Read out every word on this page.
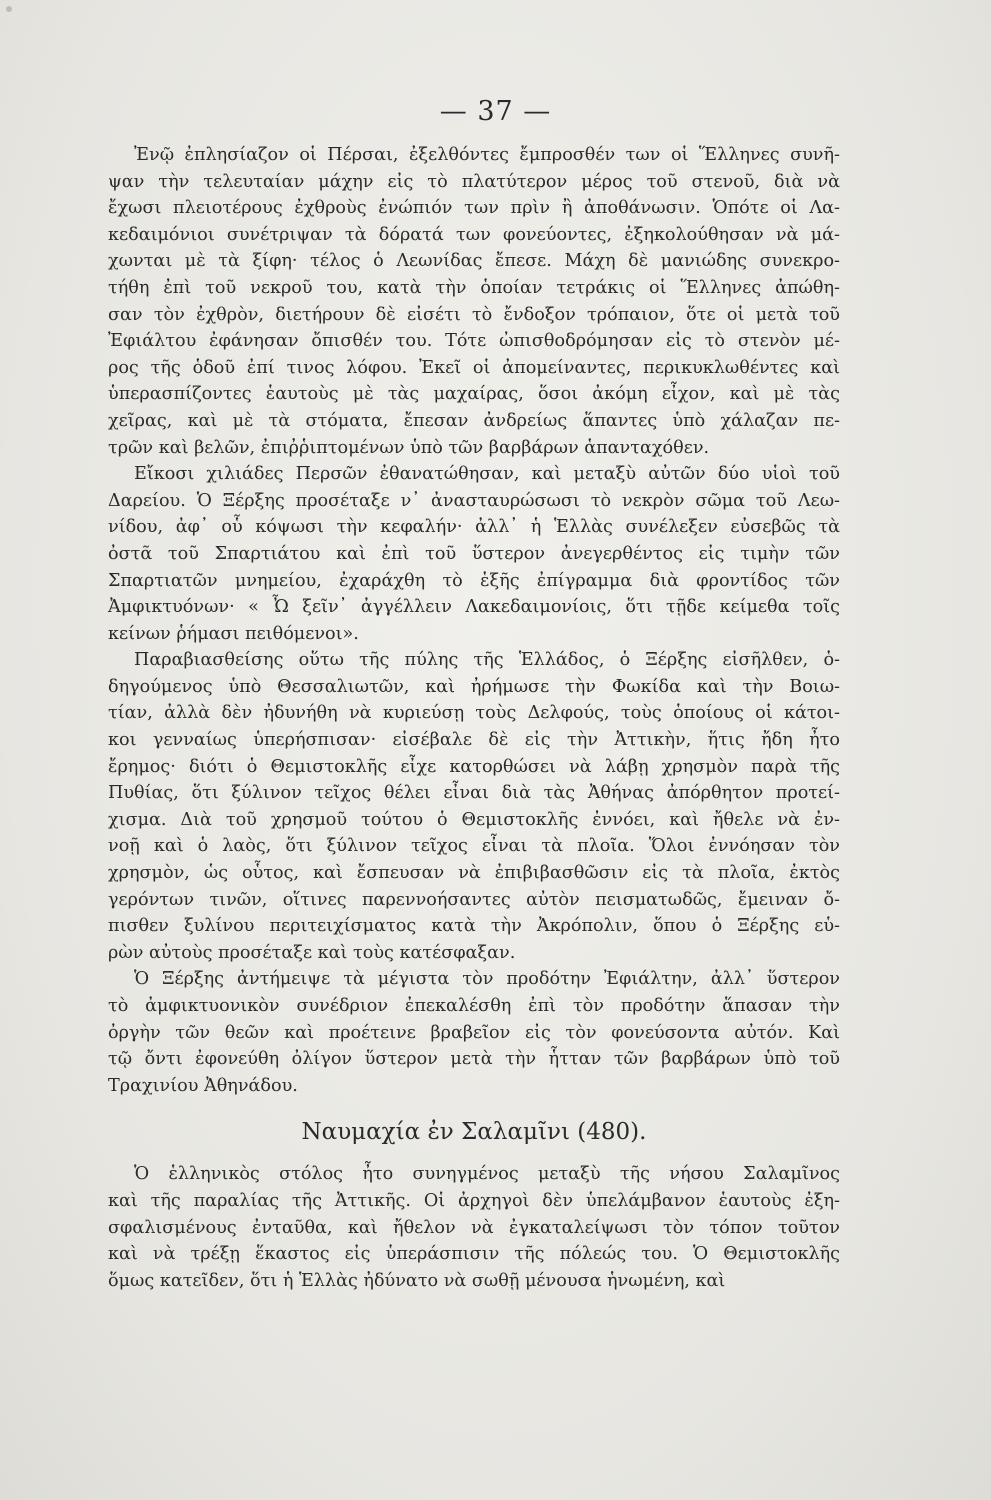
— 37 —
Ἐνῷ ἐπλησίαζον οἱ Πέρσαι, ἐξελθόντες ἔμπροσθέν των οἱ Ἕλληνες συνῆ-
ψαν τὴν τελευταίαν μάχην εἰς τὸ πλατύτερον μέρος τοῦ στενοῦ, διὰ νὰ
ἔχωσι πλειοτέρους ἐχθροὺς ἐνώπιόν των πρὶν ἢ ἀποθάνωσιν. Ὁπότε οἱ Λα-
κεδαιμόνιοι συνέτριψαν τὰ δόρατά των φονεύοντες, ἐξηκολούθησαν νὰ μά-
χωνται μὲ τὰ ξίφη· τέλος ὁ Λεωνίδας ἔπεσε. Μάχη δὲ μανιώδης συνεκρο-
τήθη ἐπὶ τοῦ νεκροῦ του, κατὰ τὴν ὁποίαν τετράκις οἱ Ἕλληνες ἀπώθη-
σαν τὸν ἐχθρὸν, διετήρουν δὲ εἰσέτι τὸ ἔνδοξον τρόπαιον, ὅτε οἱ μετὰ τοῦ
Ἐφιάλτου ἐφάνησαν ὄπισθέν του. Τότε ὠπισθοδρόμησαν εἰς τὸ στενὸν μέ-
ρος τῆς ὁδοῦ ἐπί τινος λόφου. Ἐκεῖ οἱ ἀπομείναντες, περικυκλωθέντες καὶ
ὑπερασπίζοντες ἑαυτοὺς μὲ τὰς μαχαίρας, ὅσοι ἀκόμη εἶχον, καὶ μὲ τὰς
χεῖρας, καὶ μὲ τὰ στόματα, ἔπεσαν ἀνδρείως ἅπαντες ὑπὸ χάλαζαν πε-
τρῶν καὶ βελῶν, ἐπιῤῥιπτομένων ὑπὸ τῶν βαρβάρων ἁπανταχόθεν.
Εἴκοσι χιλιάδες Περσῶν ἐθανατώθησαν, καὶ μεταξὺ αὐτῶν δύο υἱοὶ τοῦ
Δαρείου. Ὁ Ξέρξης προσέταξε ν᾽ ἀνασταυρώσωσι τὸ νεκρὸν σῶμα τοῦ Λεω-
νίδου, ἀφ᾽ οὗ κόψωσι τὴν κεφαλήν· ἀλλ᾽ ἡ Ἑλλὰς συνέλεξεν εὐσεβῶς τὰ
ὀστᾶ τοῦ Σπαρτιάτου καὶ ἐπὶ τοῦ ὕστερον ἀνεγερθέντος εἰς τιμὴν τῶν
Σπαρτιατῶν μνημείου, ἐχαράχθη τὸ ἑξῆς ἐπίγραμμα διὰ φροντίδος τῶν
Ἀμφικτυόνων· « Ὦ ξεῖν᾽ ἀγγέλλειν Λακεδαιμονίοις, ὅτι τῇδε κείμεθα τοῖς
κείνων ῥήμασι πειθόμενοι».
Παραβιασθείσης οὕτω τῆς πύλης τῆς Ἑλλάδος, ὁ Ξέρξης εἰσῆλθεν, ὁ-
δηγούμενος ὑπὸ Θεσσαλιωτῶν, καὶ ἠρήμωσε τὴν Φωκίδα καὶ τὴν Βοιω-
τίαν, ἀλλὰ δὲν ἠδυνήθη νὰ κυριεύσῃ τοὺς Δελφούς, τοὺς ὁποίους οἱ κάτοι-
κοι γενναίως ὑπερήσπισαν· εἰσέβαλε δὲ εἰς τὴν Ἀττικὴν, ἥτις ἤδη ἦτο
ἔρημος· διότι ὁ Θεμιστοκλῆς εἶχε κατορθώσει νὰ λάβῃ χρησμὸν παρὰ τῆς
Πυθίας, ὅτι ξύλινον τεῖχος θέλει εἶναι διὰ τὰς Ἀθήνας ἀπόρθητον προτεί-
χισμα. Διὰ τοῦ χρησμοῦ τούτου ὁ Θεμιστοκλῆς ἐννόει, καὶ ἤθελε νὰ ἐν-
νοῇ καὶ ὁ λαὸς, ὅτι ξύλινον τεῖχος εἶναι τὰ πλοῖα. Ὅλοι ἐννόησαν τὸν
χρησμὸν, ὡς οὗτος, καὶ ἔσπευσαν νὰ ἐπιβιβασθῶσιν εἰς τὰ πλοῖα, ἐκτὸς
γερόντων τινῶν, οἵτινες παρεννοήσαντες αὐτὸν πεισματωδῶς, ἔμειναν ὄ-
πισθεν ξυλίνου περιτειχίσματος κατὰ τὴν Ἀκρόπολιν, ὅπου ὁ Ξέρξης εὑ-
ρὼν αὐτοὺς προσέταξε καὶ τοὺς κατέσφαξαν.
Ὁ Ξέρξης ἀντήμειψε τὰ μέγιστα τὸν προδότην Ἐφιάλτην, ἀλλ᾽ ὕστερον
τὸ ἀμφικτυονικὸν συνέδριον ἐπεκαλέσθη ἐπὶ τὸν προδότην ἅπασαν τὴν
ὀργὴν τῶν θεῶν καὶ προέτεινε βραβεῖον εἰς τὸν φονεύσοντα αὐτόν. Καὶ
τῷ ὄντι ἐφονεύθη ὀλίγον ὕστερον μετὰ τὴν ἧτταν τῶν βαρβάρων ὑπὸ τοῦ
Τραχινίου Ἀθηνάδου.
Ναυμαχία ἐν Σαλαμῖνι (480).
Ὁ ἑλληνικὸς στόλος ἦτο συνηγμένος μεταξὺ τῆς νήσου Σαλαμῖνος
καὶ τῆς παραλίας τῆς Ἀττικῆς. Οἱ ἀρχηγοὶ δὲν ὑπελάμβανον ἑαυτοὺς ἐξη-
σφαλισμένους ἐνταῦθα, καὶ ἤθελον νὰ ἐγκαταλείψωσι τὸν τόπον τοῦτον
καὶ νὰ τρέξῃ ἕκαστος εἰς ὑπεράσπισιν τῆς πόλεώς του. Ὁ Θεμιστοκλῆς
ὅμως κατεῖδεν, ὅτι ἡ Ἑλλὰς ἠδύνατο νὰ σωθῇ μένουσα ἡνωμένη, καὶ
